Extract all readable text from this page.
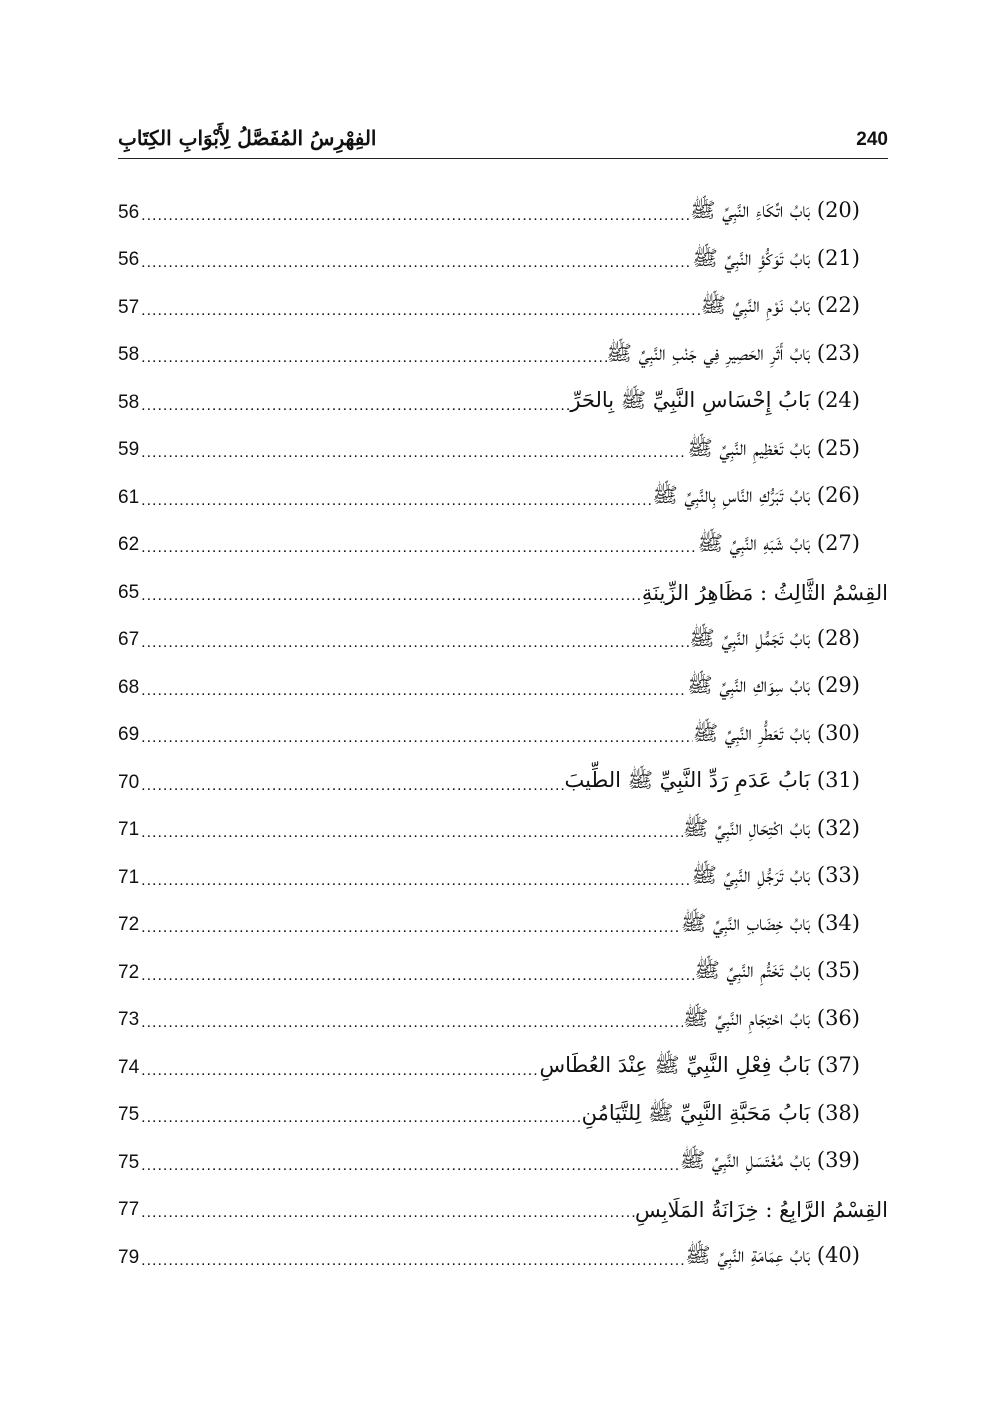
240
الفِهْرِسُ المُفَصَّلُ لِأَبْوَابِ الكِتَابِ
(20) بَابُ اتِّكَاءِ النَّبِيِّ ﷺ
.....
56
(21) بَابُ تَوَكُّؤِ النَّبِيِّ ﷺ
.....
56
(22) بَابُ نَوْمِ النَّبِيِّ ﷺ
.....
57
(23) بَابُ أَثَرِ الحَصِيرِ فِي جَنْبِ النَّبِيِّ ﷺ
.....
58
(24) بَابُ إِحْسَاسِ النَّبِيِّ ﷺ بِالحَرِّ
.....
58
(25) بَابُ تَعْظِيمِ النَّبِيِّ ﷺ
.....
59
(26) بَابُ تَبَرُّكِ النَّاسِ بِالنَّبِيِّ ﷺ
.....
61
(27) بَابُ شَبَهِ النَّبِيِّ ﷺ
.....
62
القِسْمُ الثَّالِثُ : مَظَاهِرُ الزِّينَةِ
.....
65
(28) بَابُ تَجَمُّلِ النَّبِيِّ ﷺ
.....
67
(29) بَابُ سِوَاكِ النَّبِيِّ ﷺ
.....
68
(30) بَابُ تَعَطُّرِ النَّبِيِّ ﷺ
.....
69
(31) بَابُ عَدَمِ رَدِّ النَّبِيِّ ﷺ الطِّيبَ
.....
70
(32) بَابُ اكْتِحَالِ النَّبِيِّ ﷺ
.....
71
(33) بَابُ تَرَجُّلِ النَّبِيِّ ﷺ
.....
71
(34) بَابُ خِضَابِ النَّبِيِّ ﷺ
.....
72
(35) بَابُ تَخَتُّمِ النَّبِيِّ ﷺ
.....
72
(36) بَابُ احْتِجَامِ النَّبِيِّ ﷺ
.....
73
(37) بَابُ فِعْلِ النَّبِيِّ ﷺ عِنْدَ العُطَاسِ
.....
74
(38) بَابُ مَحَبَّةِ النَّبِيِّ ﷺ لِلتَّيَامُنِ
.....
75
(39) بَابُ مُغْتَسَلِ النَّبِيِّ ﷺ
.....
75
القِسْمُ الرَّابِعُ : خِزَانَةُ المَلَابِسِ
.....
77
(40) بَابُ عِمَامَةِ النَّبِيِّ ﷺ
.....
79
